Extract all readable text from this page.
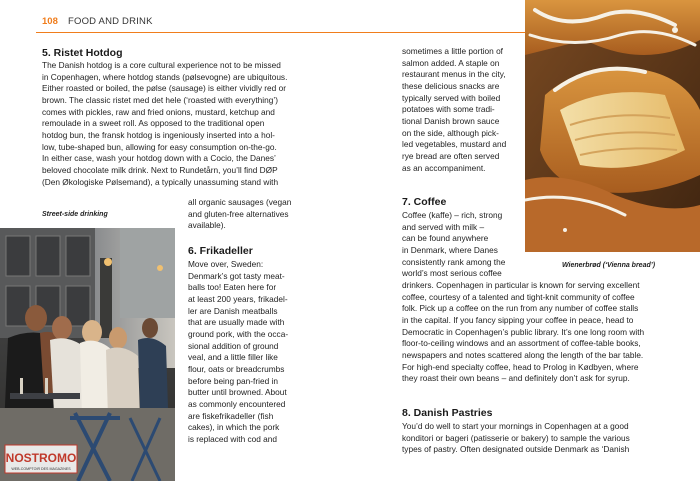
108 FOOD AND DRINK
5. Ristet Hotdog

The Danish hotdog is a core cultural experience not to be missed

in Copenhagen, where hotdog stands (pølsevogne) are ubiquitous.

Either roasted or boiled, the pølse (sausage) is either vividly red or

brown. The classic ristet med det hele (‘roasted with everything’)

comes with pickles, raw and fried onions, mustard, ketchup and

remoulade in a sweet roll. As opposed to the traditional open

hotdog bun, the fransk hotdog is ingeniously inserted into a hol-

low, tube-shaped bun, allowing for easy consumption on-the-go.

In either case, wash your hotdog down with a Cocio, the Danes’

beloved chocolate milk drink. Next to Rundetårn, you’ll find DØP

(Den Økologiske Pølsemand), a typically unassuming stand with

all organic sausages (vegan

and gluten-free alternatives

available).

Street-side drinking
6. Frikadeller

Move over, Sweden:

Denmark’s got tasty meat-

balls too! Eaten here for

at least 200 years, frikadel-

ler are Danish meatballs

that are usually made with

ground pork, with the occa-

sional addition of ground

veal, and a little filler like

flour, oats or breadcrumbs

before being pan-fried in

butter until browned. About

as commonly encountered

are fiskefrikadeller (fish

cakes), in which the pork

is replaced with cod and

sometimes a little portion of

salmon added. A staple on

restaurant menus in the city,

these delicious snacks are

typically served with boiled

potatoes with some tradi-

tional Danish brown sauce

on the side, although pick-

led vegetables, mustard and

rye bread are often served

as an accompaniment.

7. Coffee

Coffee (kaffe) – rich, strong

and served with milk –

can be found anywhere

in Denmark, where Danes

consistently rank among the

world’s most serious coffee

drinkers. Copenhagen in particular is known for serving excellent

coffee, courtesy of a talented and tight-knit community of coffee

folk. Pick up a coffee on the run from any number of coffee stalls

in the capital. If you fancy sipping your coffee in peace, head to

Democratic in Copenhagen’s public library. It’s one long room with

floor-to-ceiling windows and an assortment of coffee-table books,

newspapers and notes scattered along the length of the bar table.

For high-end specialty coffee, head to Prolog in Kødbyen, where

they roast their own beans – and definitely don’t ask for syrup.

Wienerbrød (‘Vienna bread’)
8. Danish Pastries

You’d do well to start your mornings in Copenhagen at a good

konditori or bageri (patisserie or bakery) to sample the various

types of pastry. Often designated outside Denmark as ‘Danish

NOSTROMO
WEB-COMPTOIR DES MAGAZINES
